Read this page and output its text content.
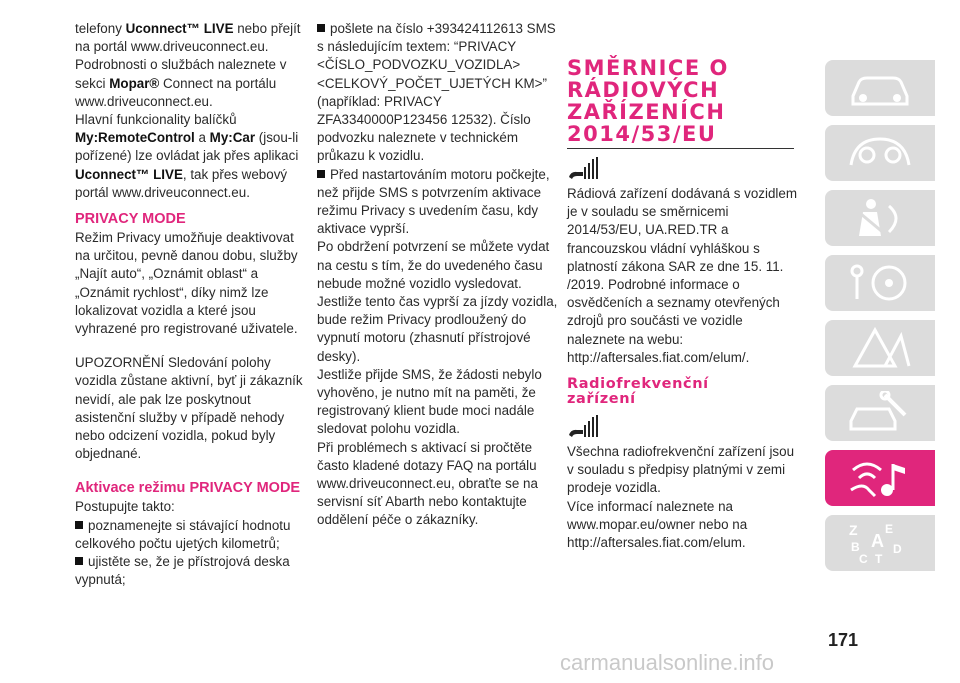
telefony Uconnect™ LIVE nebo přejít na portál www.driveuconnect.eu. Podrobnosti o službách naleznete v sekci Mopar® Connect na portálu www.driveuconnect.eu.

Hlavní funkcionality balíčků My:RemoteControl a My:Car (jsou-li pořízené) lze ovládat jak přes aplikaci Uconnect™ LIVE, tak přes webový portál www.driveuconnect.eu.

PRIVACY MODE

Režim Privacy umožňuje deaktivovat na určitou, pevně danou dobu, služby „Najít auto“, „Oznámit oblast“ a „Oznámit rychlost“, díky nimž lze lokalizovat vozidla a které jsou vyhrazené pro registrované uživatele.

UPOZORNĚNÍ Sledování polohy vozidla zůstane aktivní, byť ji zákazník nevidí, ale pak lze poskytnout asistenční služby v případě nehody nebo odcizení vozidla, pokud byly objednané.

Aktivace režimu PRIVACY MODE

Postupujte takto:

poznamenejte si stávající hodnotu celkového počtu ujetých kilometrů;

ujistěte se, že je přístrojová deska vypnutá;

pošlete na číslo +393424112613 SMS s následujícím textem: “PRIVACY <ČÍSLO_PODVOZKU_VOZIDLA> <CELKOVÝ_POČET_UJETÝCH KM>” (například: PRIVACY ZFA3340000P123456 12532). Číslo podvozku naleznete v technickém průkazu k vozidlu.

Před nastartováním motoru počkejte, než přijde SMS s potvrzením aktivace režimu Privacy s uvedením času, kdy aktivace vyprší.

Po obdržení potvrzení se můžete vydat na cestu s tím, že do uvedeného času nebude možné vozidlo vysledovat. Jestliže tento čas vyprší za jízdy vozidla, bude režim Privacy prodloužený do vypnutí motoru (zhasnutí přístrojové desky).

Jestliže přijde SMS, že žádosti nebylo vyhověno, je nutno mít na paměti, že registrovaný klient bude moci nadále sledovat polohu vozidla.

Při problémech s aktivací si pročtěte často kladené dotazy FAQ na portálu www.driveuconnect.eu, obraťte se na servisní síť Abarth nebo kontaktujte oddělení péče o zákazníky.

SMĚRNICE O
RÁDIOVÝCH
ZAŘÍZENÍCH
2014/53/EU

Rádiová zařízení dodávaná s vozidlem je v souladu se směrnicemi 2014/53/EU, UA.RED.TR a francouzskou vládní vyhláškou s platností zákona SAR ze dne 15. 11. /2019. Podrobné informace o osvědčeních a seznamy otevřených zdrojů pro součásti ve vozidle naleznete na webu: http://aftersales.fiat.com/elum/.

Radiofrekvenční
zařízení

Všechna radiofrekvenční zařízení jsou v souladu s předpisy platnými v zemi prodeje vozidla.

Více informací naleznete na www.mopar.eu/owner nebo na http://aftersales.fiat.com/elum.

Z E
B A
C T
D
171
carmanualsonline.info
